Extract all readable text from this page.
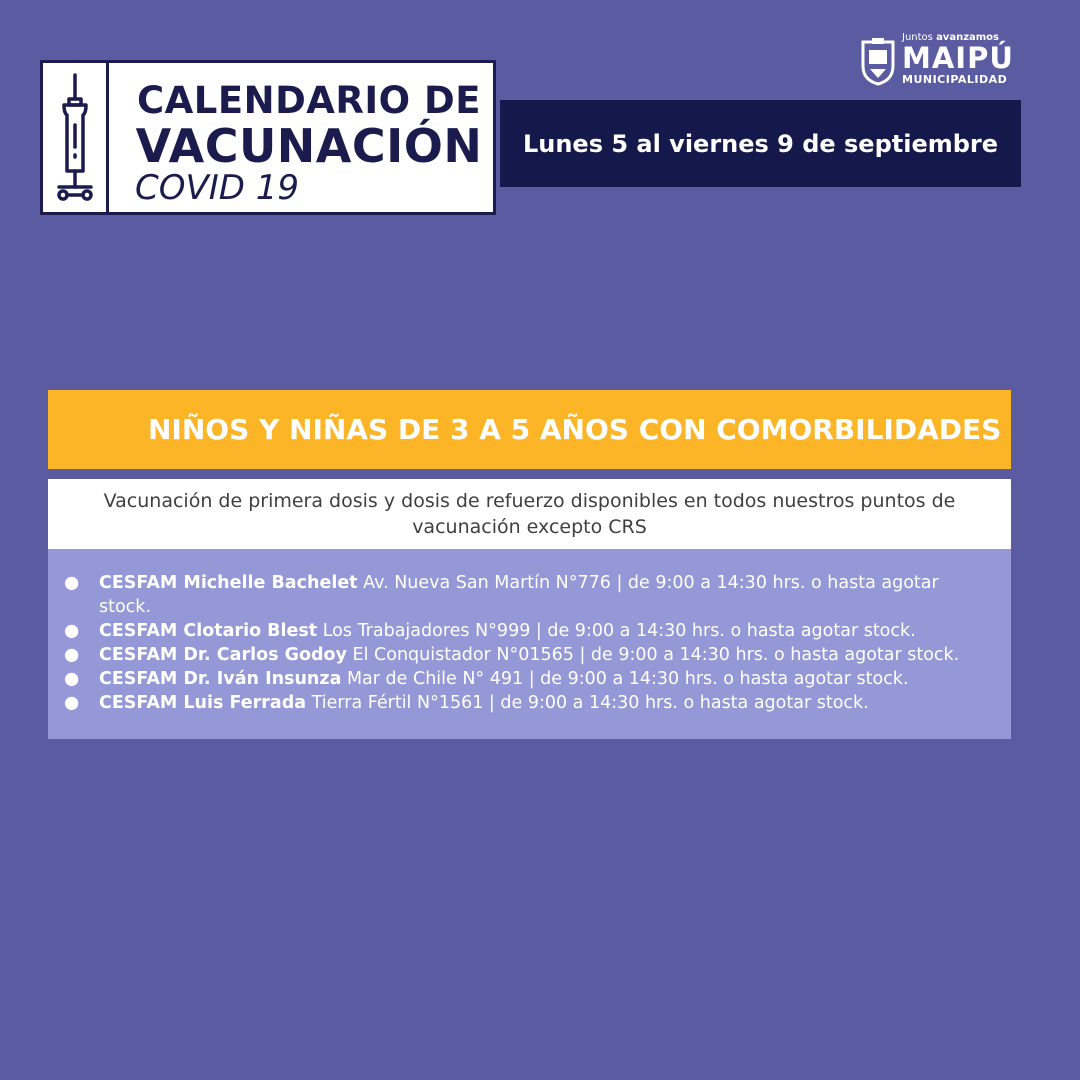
Juntos avanzamos
MAIPÚ
MUNICIPALIDAD
CALENDARIO DE
VACUNACIÓN
COVID 19
Lunes 5 al viernes 9 de septiembre
NIÑOS Y NIÑAS DE 3 A 5 AÑOS CON COMORBILIDADES
Vacunación de primera dosis y dosis de refuerzo disponibles en todos nuestros puntos de vacunación excepto CRS
● CESFAM Michelle Bachelet Av. Nueva San Martín N°776 | de 9:00 a 14:30 hrs. o hasta agotar stock.
● CESFAM Clotario Blest Los Trabajadores N°999 | de 9:00 a 14:30 hrs. o hasta agotar stock.
● CESFAM Dr. Carlos Godoy El Conquistador N°01565 | de 9:00 a 14:30 hrs. o hasta agotar stock.
● CESFAM Dr. Iván Insunza Mar de Chile N° 491 | de 9:00 a 14:30 hrs. o hasta agotar stock.
● CESFAM Luis Ferrada Tierra Fértil N°1561 | de 9:00 a 14:30 hrs. o hasta agotar stock.
